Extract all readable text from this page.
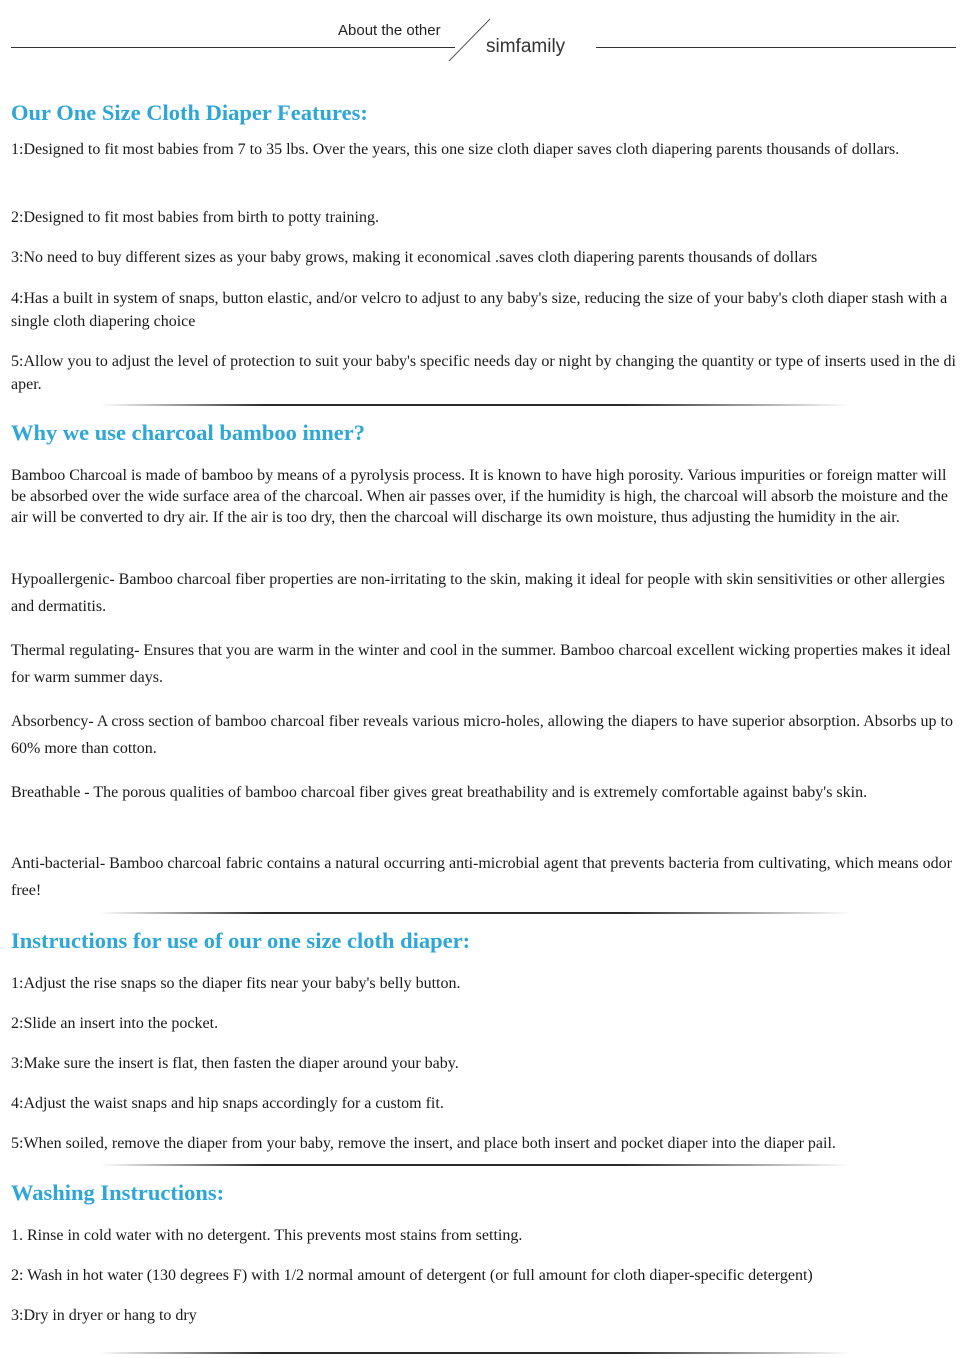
About the other
simfamily
Our One Size Cloth Diaper Features:

1:Designed to fit most babies from 7 to 35 lbs. Over the years, this one size cloth diaper saves cloth diapering parents thousands of dollars.

2:Designed to fit most babies from birth to potty training.

3:No need to buy different sizes as your baby grows, making it economical .saves cloth diapering parents thousands of dollars

4:Has a built in system of snaps, button elastic, and/or velcro to adjust to any baby's size, reducing the size of your baby's cloth diaper stash with a single cloth diapering choice

5:Allow you to adjust the level of protection to suit your baby's specific needs day or night by changing the quantity or type of inserts used in the diaper.

Why we use charcoal bamboo inner?

Bamboo Charcoal is made of bamboo by means of a pyrolysis process. It is known to have high porosity. Various impurities or foreign matter will be absorbed over the wide surface area of the charcoal. When air passes over, if the humidity is high, the charcoal will absorb the moisture and the air will be converted to dry air. If the air is too dry, then the charcoal will discharge its own moisture, thus adjusting the humidity in the air.

Hypoallergenic- Bamboo charcoal fiber properties are non-irritating to the skin, making it ideal for people with skin sensitivities or other allergies and dermatitis.

Thermal regulating- Ensures that you are warm in the winter and cool in the summer. Bamboo charcoal excellent wicking properties makes it ideal for warm summer days.

Absorbency- A cross section of bamboo charcoal fiber reveals various micro-holes, allowing the diapers to have superior absorption. Absorbs up to 60% more than cotton.

Breathable - The porous qualities of bamboo charcoal fiber gives great breathability and is extremely comfortable against baby's skin.

Anti-bacterial- Bamboo charcoal fabric contains a natural occurring anti-microbial agent that prevents bacteria from cultivating, which means odor free!

Instructions for use of our one size cloth diaper:

1:Adjust the rise snaps so the diaper fits near your baby's belly button.

2:Slide an insert into the pocket.

3:Make sure the insert is flat, then fasten the diaper around your baby.

4:Adjust the waist snaps and hip snaps accordingly for a custom fit.

5:When soiled, remove the diaper from your baby, remove the insert, and place both insert and pocket diaper into the diaper pail.

Washing Instructions:

1. Rinse in cold water with no detergent. This prevents most stains from setting.

2: Wash in hot water (130 degrees F) with 1/2 normal amount of detergent (or full amount for cloth diaper-specific detergent)

3:Dry in dryer or hang to dry
